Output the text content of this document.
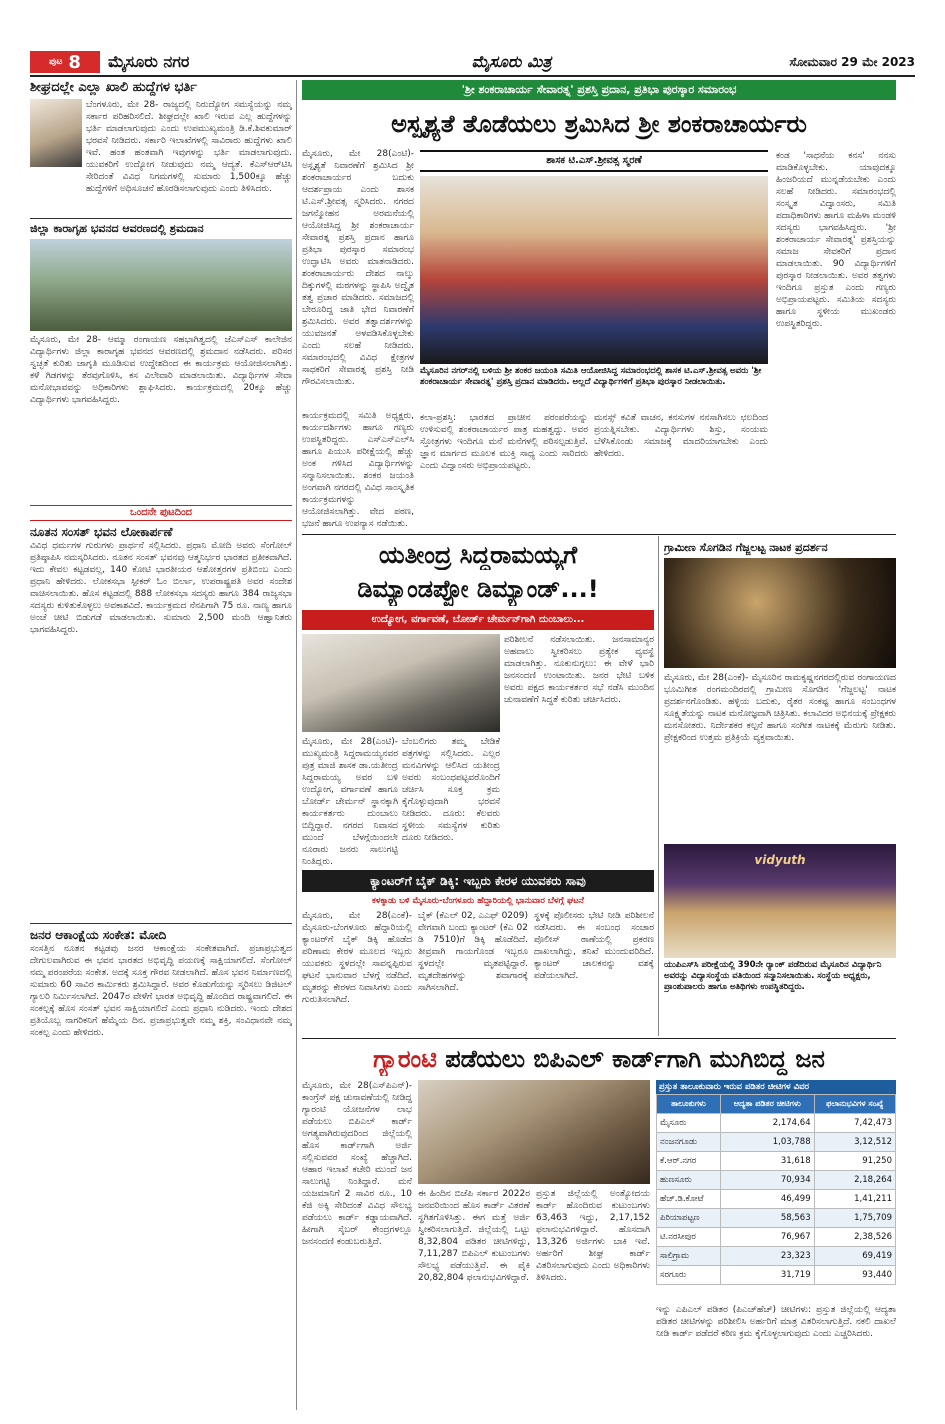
ಪುಟ 8 ಮೈಸೂರು ನಗರ	ಮೈಸೂರು ಮಿತ್ರ	ಸೋಮವಾರ 29 ಮೇ 2023
ಶೀಘ್ರದಲ್ಲೇ ಎಲ್ಲಾ ಖಾಲಿ ಹುದ್ದೆಗಳ ಭರ್ತಿ
ಬೆಂಗಳೂರು, ಮೇ 28- ರಾಜ್ಯದಲ್ಲಿ ನಿರುದ್ಯೋಗ ಸಮಸ್ಯೆಯನ್ನು ನಮ್ಮ ಸರ್ಕಾರ ಪರಿಹರಿಸಲಿದೆ. ಶೀಘ್ರದಲ್ಲೇ ಖಾಲಿ ಇರುವ ಎಲ್ಲ ಹುದ್ದೆಗಳನ್ನು ಭರ್ತಿ ಮಾಡಲಾಗುವುದು ಎಂದು ಉಪಮುಖ್ಯಮಂತ್ರಿ ಡಿ.ಕೆ.ಶಿವಕುಮಾರ್ ಭರವಸೆ ನೀಡಿದರು. ಸರ್ಕಾರಿ ಇಲಾಖೆಗಳಲ್ಲಿ ಸಾವಿರಾರು ಹುದ್ದೆಗಳು ಖಾಲಿ ಇವೆ. ಹಂತ ಹಂತವಾಗಿ ಇವುಗಳನ್ನು ಭರ್ತಿ ಮಾಡಲಾಗುವುದು. ಯುವಕರಿಗೆ ಉದ್ಯೋಗ ನೀಡುವುದು ನಮ್ಮ ಆದ್ಯತೆ. ಕೆಎಸ್ಆರ್‌ಟಿಸಿ ಸೇರಿದಂತೆ ವಿವಿಧ ನಿಗಮಗಳಲ್ಲಿ ಸುಮಾರು 1,500ಕ್ಕೂ ಹೆಚ್ಚು ಹುದ್ದೆಗಳಿಗೆ ಅಧಿಸೂಚನೆ ಹೊರಡಿಸಲಾಗುವುದು ಎಂದು ತಿಳಿಸಿದರು.
ಜಿಲ್ಲಾ ಕಾರಾಗೃಹ ಭವನದ ಆವರಣದಲ್ಲಿ ಶ್ರಮದಾನ
ಮೈಸೂರು, ಮೇ 28- ಆಮ್ಮಾ ರಂಗಾಯಣ ಸಹಭಾಗಿತ್ವದಲ್ಲಿ ಜೆಎಸ್‌ಎಸ್ ಕಾಲೇಜಿನ ವಿದ್ಯಾರ್ಥಿಗಳು ಜಿಲ್ಲಾ ಕಾರಾಗೃಹ ಭವನದ ಆವರಣದಲ್ಲಿ ಶ್ರಮದಾನ ನಡೆಸಿದರು. ಪರಿಸರ ಸ್ವಚ್ಛತೆ ಕುರಿತು ಜಾಗೃತಿ ಮೂಡಿಸುವ ಉದ್ದೇಶದಿಂದ ಈ ಕಾರ್ಯಕ್ರಮ ಆಯೋಜಿಸಲಾಗಿತ್ತು. ಕಳೆ ಗಿಡಗಳನ್ನು ತೆರವುಗೊಳಿಸಿ, ಕಸ ವಿಲೇವಾರಿ ಮಾಡಲಾಯಿತು. ವಿದ್ಯಾರ್ಥಿಗಳ ಸೇವಾ ಮನೋಭಾವವನ್ನು ಅಧಿಕಾರಿಗಳು ಶ್ಲಾಘಿಸಿದರು. ಕಾರ್ಯಕ್ರಮದಲ್ಲಿ 20ಕ್ಕೂ ಹೆಚ್ಚು ವಿದ್ಯಾರ್ಥಿಗಳು ಭಾಗವಹಿಸಿದ್ದರು.
ಒಂದನೇ ಪುಟದಿಂದ
ನೂತನ ಸಂಸತ್ ಭವನ ಲೋಕಾರ್ಪಣೆ
ವಿವಿಧ ಧರ್ಮಗಳ ಗುರುಗಳು ಪ್ರಾರ್ಥನೆ ಸಲ್ಲಿಸಿದರು. ಪ್ರಧಾನಿ ಮೋದಿ ಅವರು ಸೆಂಗೋಲ್ ಪ್ರತಿಷ್ಠಾಪಿಸಿ ನಮಸ್ಕರಿಸಿದರು. ನೂತನ ಸಂಸತ್ ಭವನವು ಆತ್ಮನಿರ್ಭರ ಭಾರತದ ಪ್ರತೀಕವಾಗಿದೆ. ಇದು ಕೇವಲ ಕಟ್ಟಡವಲ್ಲ, 140 ಕೋಟಿ ಭಾರತೀಯರ ಆಶೋತ್ತರಗಳ ಪ್ರತಿಬಿಂಬ ಎಂದು ಪ್ರಧಾನಿ ಹೇಳಿದರು. ಲೋಕಸಭಾ ಸ್ಪೀಕರ್ ಓಂ ಬಿರ್ಲಾ, ಉಪರಾಷ್ಟ್ರಪತಿ ಅವರ ಸಂದೇಶ ವಾಚಿಸಲಾಯಿತು. ಹೊಸ ಕಟ್ಟಡದಲ್ಲಿ 888 ಲೋಕಸಭಾ ಸದಸ್ಯರು ಹಾಗೂ 384 ರಾಜ್ಯಸಭಾ ಸದಸ್ಯರು ಕುಳಿತುಕೊಳ್ಳಲು ಅವಕಾಶವಿದೆ. ಕಾರ್ಯಕ್ರಮದ ನೆನಪಿಗಾಗಿ 75 ರೂ. ನಾಣ್ಯ ಹಾಗೂ ಅಂಚೆ ಚೀಟಿ ಬಿಡುಗಡೆ ಮಾಡಲಾಯಿತು. ಸುಮಾರು 2,500 ಮಂದಿ ಆಹ್ವಾನಿತರು ಭಾಗವಹಿಸಿದ್ದರು.
ಜನರ ಆಕಾಂಕ್ಷೆಯ ಸಂಕೇತ: ಮೋದಿ
ಸಂಸತ್ತಿನ ನೂತನ ಕಟ್ಟಡವು ಜನರ ಆಕಾಂಕ್ಷೆಯ ಸಂಕೇತವಾಗಿದೆ. ಪ್ರಜಾಪ್ರಭುತ್ವದ ದೇಗುಲವಾಗಿರುವ ಈ ಭವನ ಭಾರತದ ಅಭಿವೃದ್ಧಿ ಪಯಣಕ್ಕೆ ಸಾಕ್ಷಿಯಾಗಲಿದೆ. ಸೆಂಗೋಲ್ ನಮ್ಮ ಪರಂಪರೆಯ ಸಂಕೇತ. ಅದಕ್ಕೆ ಸೂಕ್ತ ಗೌರವ ನೀಡಲಾಗಿದೆ. ಹೊಸ ಭವನ ನಿರ್ಮಾಣದಲ್ಲಿ ಸುಮಾರು 60 ಸಾವಿರ ಕಾರ್ಮಿಕರು ಶ್ರಮಿಸಿದ್ದಾರೆ. ಅವರ ಕೊಡುಗೆಯನ್ನು ಸ್ಮರಿಸಲು ಡಿಜಿಟಲ್ ಗ್ಯಾಲರಿ ನಿರ್ಮಿಸಲಾಗಿದೆ. 2047ರ ವೇಳೆಗೆ ಭಾರತ ಅಭಿವೃದ್ಧಿ ಹೊಂದಿದ ರಾಷ್ಟ್ರವಾಗಲಿದೆ. ಈ ಸಂಕಲ್ಪಕ್ಕೆ ಹೊಸ ಸಂಸತ್ ಭವನ ಸಾಕ್ಷಿಯಾಗಲಿದೆ ಎಂದು ಪ್ರಧಾನಿ ನುಡಿದರು. ಇಂದು ದೇಶದ ಪ್ರತಿಯೊಬ್ಬ ನಾಗರಿಕನಿಗೆ ಹೆಮ್ಮೆಯ ದಿನ. ಪ್ರಜಾಪ್ರಭುತ್ವವೇ ನಮ್ಮ ಶಕ್ತಿ, ಸಂವಿಧಾನವೇ ನಮ್ಮ ಸಂಕಲ್ಪ ಎಂದು ಹೇಳಿದರು.
'ಶ್ರೀ ಶಂಕರಾಚಾರ್ಯ ಸೇವಾರತ್ನ' ಪ್ರಶಸ್ತಿ ಪ್ರದಾನ, ಪ್ರತಿಭಾ ಪುರಸ್ಕಾರ ಸಮಾರಂಭ
ಅಸ್ಪೃಶ್ಯತೆ ತೊಡೆಯಲು ಶ್ರಮಿಸಿದ ಶ್ರೀ ಶಂಕರಾಚಾರ್ಯರು
ಮೈಸೂರು, ಮೇ 28(ಎಂಟಿ)- ಅಸ್ಪೃಶ್ಯತೆ ನಿವಾರಣೆಗೆ ಶ್ರಮಿಸಿದ ಶ್ರೀ ಶಂಕರಾಚಾರ್ಯರ ಬದುಕು ಆದರ್ಶಪ್ರಾಯ ಎಂದು ಶಾಸಕ ಟಿ.ಎಸ್.ಶ್ರೀವತ್ಸ ಸ್ಮರಿಸಿದರು. ನಗರದ ಜಗನ್ಮೋಹನ ಅರಮನೆಯಲ್ಲಿ ಆಯೋಜಿಸಿದ್ದ ಶ್ರೀ ಶಂಕರಾಚಾರ್ಯ ಸೇವಾರತ್ನ ಪ್ರಶಸ್ತಿ ಪ್ರದಾನ ಹಾಗೂ ಪ್ರತಿಭಾ ಪುರಸ್ಕಾರ ಸಮಾರಂಭ ಉದ್ಘಾಟಿಸಿ ಅವರು ಮಾತನಾಡಿದರು. ಶಂಕರಾಚಾರ್ಯರು ದೇಶದ ನಾಲ್ಕು ದಿಕ್ಕುಗಳಲ್ಲಿ ಮಠಗಳನ್ನು ಸ್ಥಾಪಿಸಿ ಅದ್ವೈತ ತತ್ವ ಪ್ರಚಾರ ಮಾಡಿದರು. ಸಮಾಜದಲ್ಲಿ ಬೇರೂರಿದ್ದ ಜಾತಿ ಭೇದ ನಿವಾರಣೆಗೆ ಶ್ರಮಿಸಿದರು. ಅವರ ತತ್ವಾದರ್ಶಗಳನ್ನು ಯುವಜನತೆ ಅಳವಡಿಸಿಕೊಳ್ಳಬೇಕು ಎಂದು ಸಲಹೆ ನೀಡಿದರು. ಸಮಾರಂಭದಲ್ಲಿ ವಿವಿಧ ಕ್ಷೇತ್ರಗಳ ಸಾಧಕರಿಗೆ ಸೇವಾರತ್ನ ಪ್ರಶಸ್ತಿ ನೀಡಿ ಗೌರವಿಸಲಾಯಿತು.
ಶಾಸಕ ಟಿ.ಎಸ್.ಶ್ರೀವತ್ಸ ಸ್ಮರಣೆ
ಮೈಸೂರಿನ ನಗರ್‌ನಲ್ಲಿ ಬಳಿಯ ಶ್ರೀ ಶಂಕರ ಜಯಂತಿ ಸಮಿತಿ ಆಯೋಜಿಸಿದ್ದ ಸಮಾರಂಭದಲ್ಲಿ ಶಾಸಕ ಟಿ.ಎಸ್.ಶ್ರೀವತ್ಸ ಅವರು 'ಶ್ರೀ ಶಂಕರಾಚಾರ್ಯ ಸೇವಾರತ್ನ' ಪ್ರಶಸ್ತಿ ಪ್ರದಾನ ಮಾಡಿದರು. ಅಲ್ಲದೆ ವಿದ್ಯಾರ್ಥಿಗಳಿಗೆ ಪ್ರತಿಭಾ ಪುರಸ್ಕಾರ ನೀಡಲಾಯಿತು.
ಕಾರ್ಯಕ್ರಮದಲ್ಲಿ ಸಮಿತಿ ಅಧ್ಯಕ್ಷರು, ಕಾರ್ಯದರ್ಶಿಗಳು ಹಾಗೂ ಗಣ್ಯರು ಉಪಸ್ಥಿತರಿದ್ದರು. ಎಸ್ಎಸ್ಎಲ್‌ಸಿ ಹಾಗೂ ಪಿಯುಸಿ ಪರೀಕ್ಷೆಯಲ್ಲಿ ಹೆಚ್ಚು ಅಂಕ ಗಳಿಸಿದ ವಿದ್ಯಾರ್ಥಿಗಳನ್ನು ಸನ್ಮಾನಿಸಲಾಯಿತು. ಶಂಕರ ಜಯಂತಿ ಅಂಗವಾಗಿ ನಗರದಲ್ಲಿ ವಿವಿಧ ಸಾಂಸ್ಕೃತಿಕ ಕಾರ್ಯಕ್ರಮಗಳನ್ನು ಆಯೋಜಿಸಲಾಗಿತ್ತು. ವೇದ ಪಠಣ, ಭಜನೆ ಹಾಗೂ ಉಪನ್ಯಾಸ ನಡೆಯಿತು.
ಕಲಾ-ಪ್ರಶಸ್ತಿ: ಭಾರತದ ಪ್ರಾಚೀನ ಪರಂಪರೆಯನ್ನು ಉಳಿಸುವಲ್ಲಿ ಶಂಕರಾಚಾರ್ಯರ ಪಾತ್ರ ಮಹತ್ವದ್ದು. ಅವರ ಸ್ತೋತ್ರಗಳು ಇಂದಿಗೂ ಮನೆ ಮನೆಗಳಲ್ಲಿ ಪಠಿಸಲ್ಪಡುತ್ತಿವೆ. ಜ್ಞಾನ ಮಾರ್ಗದ ಮೂಲಕ ಮುಕ್ತಿ ಸಾಧ್ಯ ಎಂದು ಸಾರಿದರು ಎಂದು ವಿದ್ವಾಂಸರು ಅಭಿಪ್ರಾಯಪಟ್ಟರು.
ಮನಸ್ಸ್ ಕವಿತೆ ವಾಚನ, ಕನಸುಗಳ ನನಸಾಗಿಸಲು ಛಲದಿಂದ ಪ್ರಯತ್ನಿಸಬೇಕು. ವಿದ್ಯಾರ್ಥಿಗಳು ಶಿಸ್ತು, ಸಂಯಮ ಬೆಳೆಸಿಕೊಂಡು ಸಮಾಜಕ್ಕೆ ಮಾದರಿಯಾಗಬೇಕು ಎಂದು ಹೇಳಿದರು.
ಕಂಡ 'ಸಾಧನೆಯ ಕನಸ' ನನಸು ಮಾಡಿಕೊಳ್ಳಬೇಕು. ಯಾವುದಕ್ಕೂ ಹಿಂಜರಿಯದೆ ಮುನ್ನಡೆಯಬೇಕು ಎಂದು ಸಲಹೆ ನೀಡಿದರು. ಸಮಾರಂಭದಲ್ಲಿ ಸಂಸ್ಕೃತ ವಿದ್ವಾಂಸರು, ಸಮಿತಿ ಪದಾಧಿಕಾರಿಗಳು ಹಾಗೂ ಮಹಿಳಾ ಮಂಡಳಿ ಸದಸ್ಯರು ಭಾಗವಹಿಸಿದ್ದರು. 'ಶ್ರೀ ಶಂಕರಾಚಾರ್ಯ ಸೇವಾರತ್ನ' ಪ್ರಶಸ್ತಿಯನ್ನು ಸಮಾಜ ಸೇವಕರಿಗೆ ಪ್ರದಾನ ಮಾಡಲಾಯಿತು. 90 ವಿದ್ಯಾರ್ಥಿಗಳಿಗೆ ಪುರಸ್ಕಾರ ನೀಡಲಾಯಿತು. ಅವರ ತತ್ವಗಳು ಇಂದಿಗೂ ಪ್ರಸ್ತುತ ಎಂದು ಗಣ್ಯರು ಅಭಿಪ್ರಾಯಪಟ್ಟರು. ಸಮಿತಿಯ ಸದಸ್ಯರು ಹಾಗೂ ಸ್ಥಳೀಯ ಮುಖಂಡರು ಉಪಸ್ಥಿತರಿದ್ದರು.
ಯತೀಂದ್ರ ಸಿದ್ದರಾಮಯ್ಯಗೆ
ಡಿಮ್ಯಾಂಡಪ್ಪೋ ಡಿಮ್ಯಾಂಡ್...!
ಉದ್ಯೋಗ, ವರ್ಗಾವಣೆ, ಬೋರ್ಡ್ ಚೇರ್ಮನ್‌ಗಾಗಿ ದುಂಬಾಲು...
ಪರಿಶೀಲನೆ ನಡೆಸಲಾಯಿತು. ಜನಸಾಮಾನ್ಯರ ಅಹವಾಲು ಸ್ವೀಕರಿಸಲು ಪ್ರತ್ಯೇಕ ವ್ಯವಸ್ಥೆ ಮಾಡಲಾಗಿತ್ತು. ನೂಕುನುಗ್ಗಲು: ಈ ವೇಳೆ ಭಾರಿ ಜನಸಂದಣಿ ಉಂಟಾಯಿತು. ಜನರ ಭೇಟಿ ಬಳಿಕ ಅವರು ಪಕ್ಷದ ಕಾರ್ಯಕರ್ತರ ಸಭೆ ನಡೆಸಿ ಮುಂದಿನ ಚುನಾವಣೆಗೆ ಸಿದ್ಧತೆ ಕುರಿತು ಚರ್ಚಿಸಿದರು.
ಮೈಸೂರು, ಮೇ 28(ಎಂಟಿ)- ಮುಖ್ಯಮಂತ್ರಿ ಸಿದ್ದರಾಮಯ್ಯನವರ ಪುತ್ರ ಮಾಜಿ ಶಾಸಕ ಡಾ.ಯತೀಂದ್ರ ಸಿದ್ದರಾಮಯ್ಯ ಅವರ ಬಳಿ ಉದ್ಯೋಗ, ವರ್ಗಾವಣೆ ಹಾಗೂ ಬೋರ್ಡ್ ಚೇರ್ಮನ್ ಸ್ಥಾನಕ್ಕಾಗಿ ಕಾರ್ಯಕರ್ತರು ದುಂಬಾಲು ಬಿದ್ದಿದ್ದಾರೆ. ನಗರದ ನಿವಾಸದ ಮುಂದೆ ಬೆಳಗ್ಗೆಯಿಂದಲೇ ನೂರಾರು ಜನರು ಸಾಲುಗಟ್ಟಿ ನಿಂತಿದ್ದರು.
ಬೆಂಬಲಿಗರು ತಮ್ಮ ಬೇಡಿಕೆ ಪತ್ರಗಳನ್ನು ಸಲ್ಲಿಸಿದರು. ಎಲ್ಲರ ಮನವಿಗಳನ್ನು ಆಲಿಸಿದ ಯತೀಂದ್ರ ಅವರು ಸಂಬಂಧಪಟ್ಟವರೊಂದಿಗೆ ಚರ್ಚಿಸಿ ಸೂಕ್ತ ಕ್ರಮ ಕೈಗೊಳ್ಳುವುದಾಗಿ ಭರವಸೆ ನೀಡಿದರು. ದೂರು: ಕೆಲವರು ಸ್ಥಳೀಯ ಸಮಸ್ಯೆಗಳ ಕುರಿತು ದೂರು ನೀಡಿದರು.
ಕ್ಯಾಂಟರ್‌ಗೆ ಬೈಕ್ ಡಿಕ್ಕಿ: ಇಬ್ಬರು ಕೇರಳ ಯುವಕರು ಸಾವು
ಕಳಕ್ಕಾಡು ಬಳಿ ಮೈಸೂರು-ಬೆಂಗಳೂರು ಹೆದ್ದಾರಿಯಲ್ಲಿ ಭಾನುವಾರ ಬೆಳಗ್ಗೆ ಘಟನೆ
ಮೈಸೂರು, ಮೇ 28(ಎಂಕೆ)- ಮೈಸೂರು-ಬೆಂಗಳೂರು ಹೆದ್ದಾರಿಯಲ್ಲಿ ಕ್ಯಾಂಟರ್‌ಗೆ ಬೈಕ್ ಡಿಕ್ಕಿ ಹೊಡೆದ ಪರಿಣಾಮ ಕೇರಳ ಮೂಲದ ಇಬ್ಬರು ಯುವಕರು ಸ್ಥಳದಲ್ಲೇ ಸಾವನ್ನಪ್ಪಿರುವ ಘಟನೆ ಭಾನುವಾರ ಬೆಳಗ್ಗೆ ನಡೆದಿದೆ. ಮೃತರನ್ನು ಕೇರಳದ ನಿವಾಸಿಗಳು ಎಂದು ಗುರುತಿಸಲಾಗಿದೆ.
ಬೈಕ್ (ಕೆಎಲ್ 02, ಎಎಫ್ 0209) ವೇಗವಾಗಿ ಬಂದು ಕ್ಯಾಂಟರ್ (ಕೆಎ 02 ಡಿ 7510)ಗೆ ಡಿಕ್ಕಿ ಹೊಡೆದಿದೆ. ತೀವ್ರವಾಗಿ ಗಾಯಗೊಂಡ ಇಬ್ಬರೂ ಸ್ಥಳದಲ್ಲೇ ಮೃತಪಟ್ಟಿದ್ದಾರೆ. ಮೃತದೇಹಗಳನ್ನು ಶವಾಗಾರಕ್ಕೆ ಸಾಗಿಸಲಾಗಿದೆ.
ಸ್ಥಳಕ್ಕೆ ಪೊಲೀಸರು ಭೇಟಿ ನೀಡಿ ಪರಿಶೀಲನೆ ನಡೆಸಿದರು. ಈ ಸಂಬಂಧ ಸಂಚಾರ ಪೊಲೀಸ್ ಠಾಣೆಯಲ್ಲಿ ಪ್ರಕರಣ ದಾಖಲಾಗಿದ್ದು, ತನಿಖೆ ಮುಂದುವರಿದಿದೆ. ಕ್ಯಾಂಟರ್ ಚಾಲಕನನ್ನು ವಶಕ್ಕೆ ಪಡೆಯಲಾಗಿದೆ.
ಗ್ರಾಮೀಣ ಸೊಗಡಿನ ಗೆಜ್ಜಲಟ್ಟ ನಾಟಕ ಪ್ರದರ್ಶನ
ಮೈಸೂರು, ಮೇ 28(ಎಂಕೆ)- ಮೈಸೂರಿನ ರಾಮಕೃಷ್ಣನಗರದಲ್ಲಿರುವ ರಂಗಾಯಣದ ಭೂಮಿಗೀತ ರಂಗಮಂದಿರದಲ್ಲಿ ಗ್ರಾಮೀಣ ಸೊಗಡಿನ 'ಗೆಜ್ಜಲಟ್ಟ' ನಾಟಕ ಪ್ರದರ್ಶನಗೊಂಡಿತು. ಹಳ್ಳಿಯ ಬದುಕು, ರೈತರ ಸಂಕಷ್ಟ ಹಾಗೂ ಸಂಬಂಧಗಳ ಸೂಕ್ಷ್ಮತೆಯನ್ನು ನಾಟಕ ಮನೋಜ್ಞವಾಗಿ ಚಿತ್ರಿಸಿತು. ಕಲಾವಿದರ ಅಭಿನಯಕ್ಕೆ ಪ್ರೇಕ್ಷಕರು ಮನಸೋತರು. ನಿರ್ದೇಶಕರ ಕಲ್ಪನೆ ಹಾಗೂ ಸಂಗೀತ ನಾಟಕಕ್ಕೆ ಮೆರುಗು ನೀಡಿತು. ಪ್ರೇಕ್ಷಕರಿಂದ ಉತ್ತಮ ಪ್ರತಿಕ್ರಿಯೆ ವ್ಯಕ್ತವಾಯಿತು.
vidyuth
ಯುಪಿಎಸ್‌ಸಿ ಪರೀಕ್ಷೆಯಲ್ಲಿ 390ನೇ ರ್‍ಯಾಂಕ್ ಪಡೆದಿರುವ ಮೈಸೂರಿನ ವಿದ್ಯಾರ್ಥಿನಿ ಅವರನ್ನು ವಿದ್ಯಾಸಂಸ್ಥೆಯ ವತಿಯಿಂದ ಸನ್ಮಾನಿಸಲಾಯಿತು. ಸಂಸ್ಥೆಯ ಅಧ್ಯಕ್ಷರು, ಪ್ರಾಂಶುಪಾಲರು ಹಾಗೂ ಅತಿಥಿಗಳು ಉಪಸ್ಥಿತರಿದ್ದರು.
ಗ್ಯಾರಂಟಿ ಪಡೆಯಲು ಬಿಪಿಎಲ್ ಕಾರ್ಡ್‌ಗಾಗಿ ಮುಗಿಬಿದ್ದ ಜನ
ಮೈಸೂರು, ಮೇ 28(ಎಸ್‌ಪಿಎನ್)- ಕಾಂಗ್ರೆಸ್ ಪಕ್ಷ ಚುನಾವಣೆಯಲ್ಲಿ ನೀಡಿದ್ದ ಗ್ಯಾರಂಟಿ ಯೋಜನೆಗಳ ಲಾಭ ಪಡೆಯಲು ಬಿಪಿಎಲ್ ಕಾರ್ಡ್ ಅಗತ್ಯವಾಗಿರುವುದರಿಂದ ಜಿಲ್ಲೆಯಲ್ಲಿ ಹೊಸ ಕಾರ್ಡ್‌ಗಾಗಿ ಅರ್ಜಿ ಸಲ್ಲಿಸುವವರ ಸಂಖ್ಯೆ ಹೆಚ್ಚಾಗಿದೆ. ಆಹಾರ ಇಲಾಖೆ ಕಚೇರಿ ಮುಂದೆ ಜನ ಸಾಲುಗಟ್ಟಿ ನಿಂತಿದ್ದಾರೆ. ಮನೆ ಯಜಮಾನಿಗೆ 2 ಸಾವಿರ ರೂ., 10 ಕೆಜಿ ಅಕ್ಕಿ ಸೇರಿದಂತೆ ವಿವಿಧ ಸೌಲಭ್ಯ ಪಡೆಯಲು ಕಾರ್ಡ್ ಕಡ್ಡಾಯವಾಗಿದೆ. ಹೀಗಾಗಿ ಸೈಬರ್ ಕೇಂದ್ರಗಳಲ್ಲೂ ಜನಸಂದಣಿ ಕಂಡುಬರುತ್ತಿದೆ.
ಈ ಹಿಂದಿನ ಬಿಜೆಪಿ ಸರ್ಕಾರ 2022ರ ಜನವರಿಯಿಂದ ಹೊಸ ಕಾರ್ಡ್ ವಿತರಣೆ ಸ್ಥಗಿತಗೊಳಿಸಿತ್ತು. ಈಗ ಮತ್ತೆ ಅರ್ಜಿ ಸ್ವೀಕರಿಸಲಾಗುತ್ತಿದೆ. ಜಿಲ್ಲೆಯಲ್ಲಿ ಒಟ್ಟು 8,32,804 ಪಡಿತರ ಚೀಟಿಗಳಿದ್ದು, 7,11,287 ಬಿಪಿಎಲ್ ಕುಟುಂಬಗಳು ಸೌಲಭ್ಯ ಪಡೆಯುತ್ತಿವೆ. ಈ ಪೈಕಿ 20,82,804 ಫಲಾನುಭವಿಗಳಿದ್ದಾರೆ.
ಪ್ರಸ್ತುತ ಜಿಲ್ಲೆಯಲ್ಲಿ ಅಂತ್ಯೋದಯ ಕಾರ್ಡ್ ಹೊಂದಿರುವ ಕುಟುಂಬಗಳು 63,463 ಇದ್ದು, 2,17,152 ಫಲಾನುಭವಿಗಳಿದ್ದಾರೆ. ಹೊಸದಾಗಿ 13,326 ಅರ್ಜಿಗಳು ಬಾಕಿ ಇವೆ. ಅರ್ಹರಿಗೆ ಶೀಘ್ರ ಕಾರ್ಡ್ ವಿತರಿಸಲಾಗುವುದು ಎಂದು ಅಧಿಕಾರಿಗಳು ತಿಳಿಸಿದರು.
ಪ್ರಸ್ತುತ ತಾಲೂಕುವಾರು ಇರುವ ಪಡಿತರ ಚೀಟಿಗಳ ವಿವರ
ತಾಲೂಕುಗಳು	ಆದ್ಯತಾ ಪಡಿತರ ಚೀಟಿಗಳು	ಫಲಾನುಭವಿಗಳ ಸಂಖ್ಯೆ
ಮೈಸೂರು	2,174,64	7,42,473
ನಂಜನಗೂಡು	1,03,788	3,12,512
ಕೆ.ಆರ್.ನಗರ	31,618	91,250
ಹುಣಸೂರು	70,934	2,18,264
ಹೆಚ್.ಡಿ.ಕೋಟೆ	46,499	1,41,211
ಪಿರಿಯಾಪಟ್ಟಣ	58,563	1,75,709
ಟಿ.ನರಸೀಪುರ	76,967	2,38,526
ಸಾಲಿಗ್ರಾಮ	23,323	69,419
ಸರಗೂರು	31,719	93,440
ಇನ್ನು ಎಪಿಎಲ್ ಪಡಿತರ (ಪಿಎಚ್‌ಹೆಚ್) ಚೀಟಿಗಳು: ಪ್ರಸ್ತುತ ಜಿಲ್ಲೆಯಲ್ಲಿ ಆದ್ಯತಾ ಪಡಿತರ ಚೀಟಿಗಳನ್ನು ಪರಿಶೀಲಿಸಿ ಅರ್ಹರಿಗೆ ಮಾತ್ರ ವಿತರಿಸಲಾಗುತ್ತಿದೆ. ನಕಲಿ ದಾಖಲೆ ನೀಡಿ ಕಾರ್ಡ್ ಪಡೆದರೆ ಕಠಿಣ ಕ್ರಮ ಕೈಗೊಳ್ಳಲಾಗುವುದು ಎಂದು ಎಚ್ಚರಿಸಿದರು.
